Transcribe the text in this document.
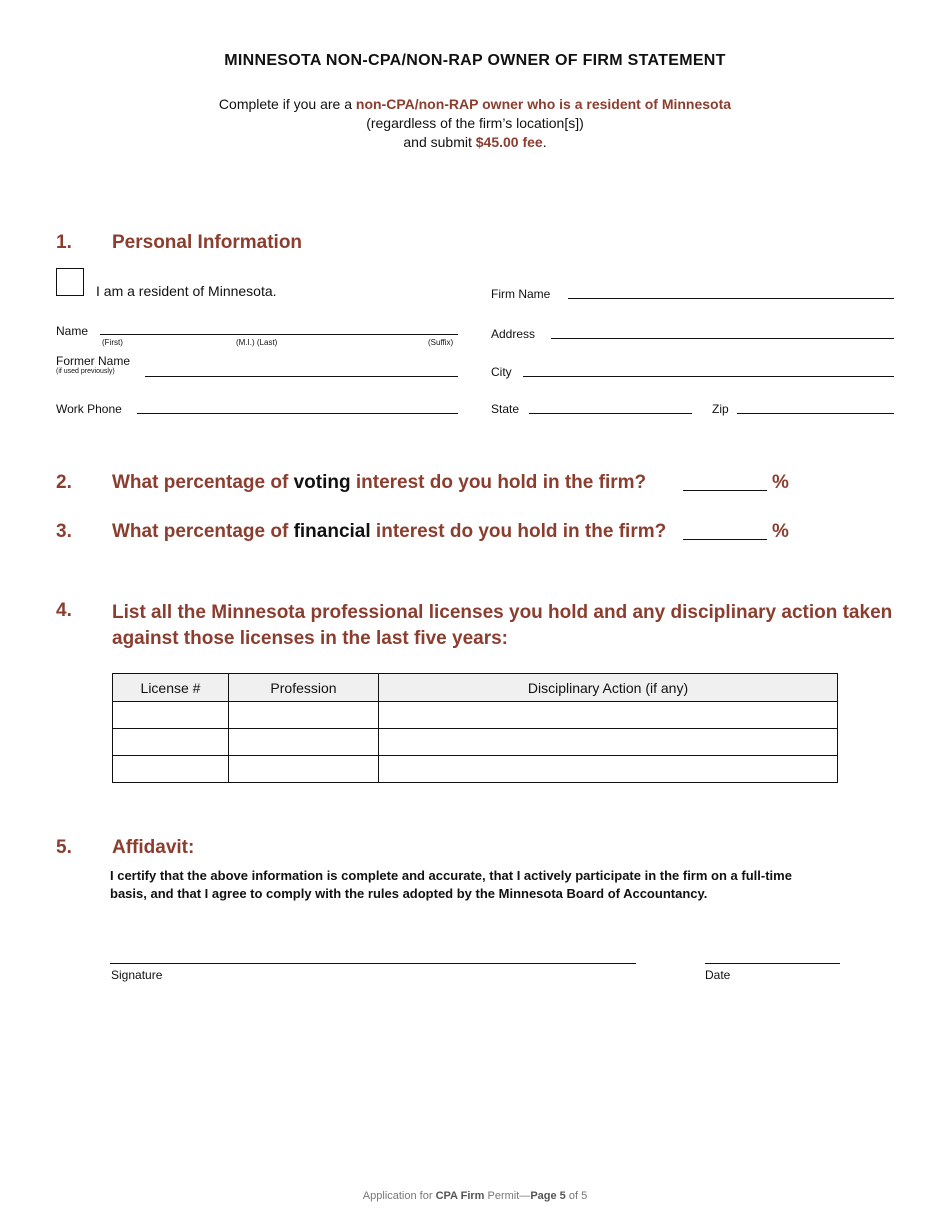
MINNESOTA NON-CPA/NON-RAP OWNER OF FIRM STATEMENT
Complete if you are a non-CPA/non-RAP owner who is a resident of Minnesota
(regardless of the firm’s location[s])
and submit $45.00 fee.
1. Personal Information
I am a resident of Minnesota.
Name
(First)	(M.I.) (Last)	(Suffix)
Former Name
(if used previously)
Work Phone
Firm Name
Address
City
State	Zip
2. What percentage of voting interest do you hold in the firm?	%
3. What percentage of financial interest do you hold in the firm?	%
4. List all the Minnesota professional licenses you hold and any disciplinary action taken
against those licenses in the last five years:
License #	Profession	Disciplinary Action (if any)

5. Affidavit:
I certify that the above information is complete and accurate, that I actively participate in the firm on a full-time basis, and that I agree to comply with the rules adopted by the Minnesota Board of Accountancy.
Signature	Date
Application for CPA Firm Permit—Page 5 of 5
